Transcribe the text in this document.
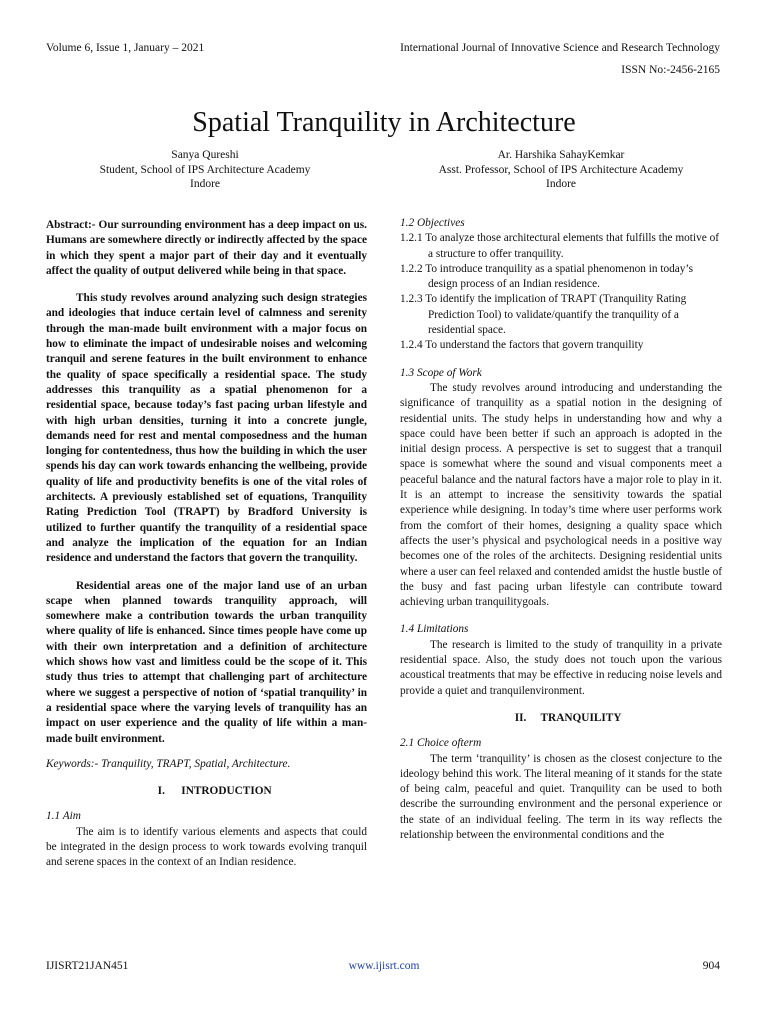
Volume 6, Issue 1, January – 2021	International Journal of Innovative Science and Research Technology
ISSN No:-2456-2165
Spatial Tranquility in Architecture
Sanya Qureshi
Student, School of IPS Architecture Academy
Indore
Ar. Harshika SahayKemkar
Asst. Professor, School of IPS Architecture Academy
Indore

Abstract:- Our surrounding environment has a deep impact on us. Humans are somewhere directly or indirectly affected by the space in which they spent a major part of their day and it eventually affect the quality of output delivered while being in that space.

This study revolves around analyzing such design strategies and ideologies that induce certain level of calmness and serenity through the man-made built environment with a major focus on how to eliminate the impact of undesirable noises and welcoming tranquil and serene features in the built environment to enhance the quality of space specifically a residential space. The study addresses this tranquility as a spatial phenomenon for a residential space, because today’s fast pacing urban lifestyle and with high urban densities, turning it into a concrete jungle, demands need for rest and mental composedness and the human longing for contentedness, thus how the building in which the user spends his day can work towards enhancing the wellbeing, provide quality of life and productivity benefits is one of the vital roles of architects. A previously established set of equations, Tranquility Rating Prediction Tool (TRAPT) by Bradford University is utilized to further quantify the tranquility of a residential space and analyze the implication of the equation for an Indian residence and understand the factors that govern the tranquility.

Residential areas one of the major land use of an urban scape when planned towards tranquility approach, will somewhere make a contribution towards the urban tranquility where quality of life is enhanced. Since times people have come up with their own interpretation and a definition of architecture which shows how vast and limitless could be the scope of it. This study thus tries to attempt that challenging part of architecture where we suggest a perspective of notion of ‘spatial tranquility’ in a residential space where the varying levels of tranquility has an impact on user experience and the quality of life within a man- made built environment.

Keywords:- Tranquility, TRAPT, Spatial, Architecture.

I. INTRODUCTION

1.1 Aim

The aim is to identify various elements and aspects that could be integrated in the design process to work towards evolving tranquil and serene spaces in the context of an Indian residence.

1.2 Objectives

1.2.1 To analyze those architectural elements that fulfills the motive of a structure to offer tranquility.

1.2.2 To introduce tranquility as a spatial phenomenon in today’s design process of an Indian residence.

1.2.3 To identify the implication of TRAPT (Tranquility Rating Prediction Tool) to validate/quantify the tranquility of a residential space.

1.2.4 To understand the factors that govern tranquility

1.3 Scope of Work

The study revolves around introducing and understanding the significance of tranquility as a spatial notion in the designing of residential units. The study helps in understanding how and why a space could have been better if such an approach is adopted in the initial design process. A perspective is set to suggest that a tranquil space is somewhat where the sound and visual components meet a peaceful balance and the natural factors have a major role to play in it. It is an attempt to increase the sensitivity towards the spatial experience while designing. In today’s time where user performs work from the comfort of their homes, designing a quality space which affects the user’s physical and psychological needs in a positive way becomes one of the roles of the architects. Designing residential units where a user can feel relaxed and contended amidst the hustle bustle of the busy and fast pacing urban lifestyle can contribute toward achieving urban tranquilitygoals.

1.4 Limitations

The research is limited to the study of tranquility in a private residential space. Also, the study does not touch upon the various acoustical treatments that may be effective in reducing noise levels and provide a quiet and tranquilenvironment.

II. TRANQUILITY

2.1 Choice ofterm

The term ‘tranquility’ is chosen as the closest conjecture to the ideology behind this work. The literal meaning of it stands for the state of being calm, peaceful and quiet. Tranquility can be used to both describe the surrounding environment and the personal experience or the state of an individual feeling. The term in its way reflects the relationship between the environmental conditions and the

IJISRT21JAN451	www.ijisrt.com	904
